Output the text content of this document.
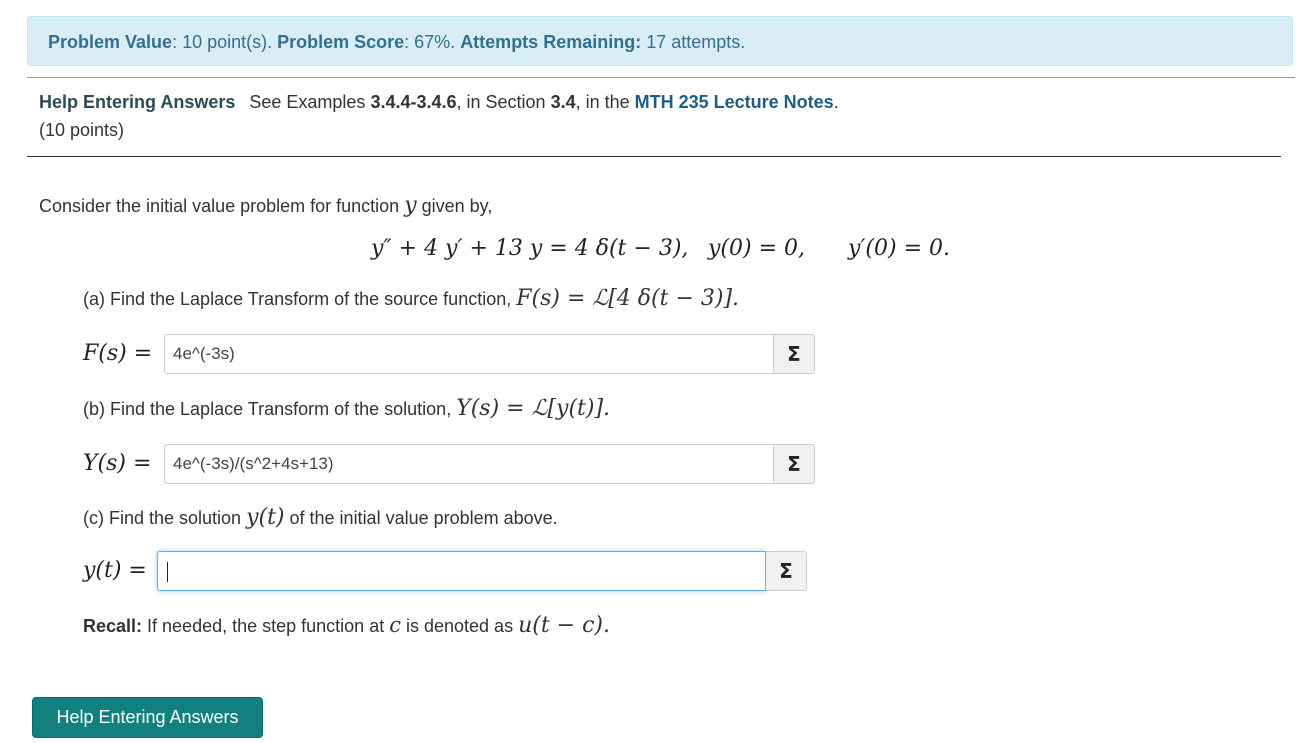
Problem Value: 10 point(s). Problem Score: 67%. Attempts Remaining: 17 attempts.
Help Entering Answers See Examples 3.4.4-3.4.6, in Section 3.4, in the MTH 235 Lecture Notes.
(10 points)
Consider the initial value problem for function y given by,
y″ + 4 y′ + 13 y = 4 δ(t − 3), y(0) = 0, y′(0) = 0.
(a) Find the Laplace Transform of the source function, F(s) = ℒ[4 δ(t − 3)].
F(s) =	4e^(-3s)	Σ
(b) Find the Laplace Transform of the solution, Y(s) = ℒ[y(t)].
Y(s) =	4e^(-3s)/(s^2+4s+13)	Σ
(c) Find the solution y(t) of the initial value problem above.
y(t) =	Σ
Recall: If needed, the step function at c is denoted as u(t − c).
Help Entering Answers
